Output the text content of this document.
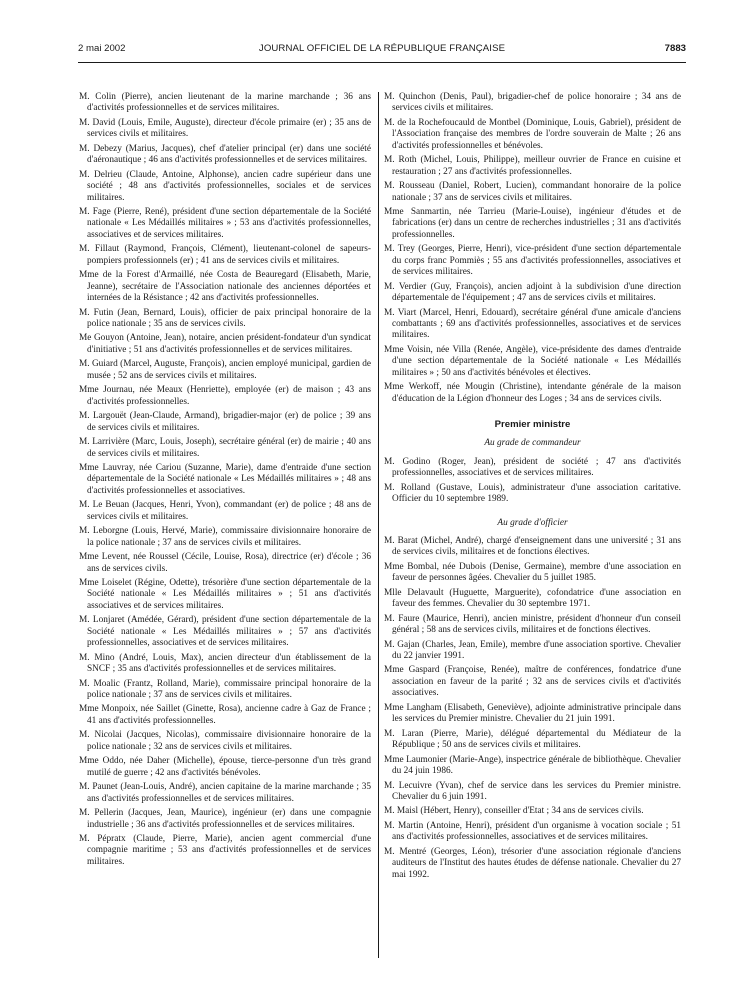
2 mai 2002	JOURNAL OFFICIEL DE LA RÉPUBLIQUE FRANÇAISE	7883

M. Colin (Pierre), ancien lieutenant de la marine marchande ; 36 ans d'activités professionnelles et de services militaires.

M. David (Louis, Emile, Auguste), directeur d'école primaire (er) ; 35 ans de services civils et militaires.

M. Debezy (Marius, Jacques), chef d'atelier principal (er) dans une société d'aéronautique ; 46 ans d'activités professionnelles et de services militaires.

M. Delrieu (Claude, Antoine, Alphonse), ancien cadre supérieur dans une société ; 48 ans d'activités professionnelles, sociales et de services militaires.

M. Fage (Pierre, René), président d'une section départementale de la Société nationale « Les Médaillés militaires » ; 53 ans d'activités professionnelles, associatives et de services militaires.

M. Fillaut (Raymond, François, Clément), lieutenant-colonel de sapeurs-pompiers professionnels (er) ; 41 ans de services civils et militaires.

Mme de la Forest d'Armaillé, née Costa de Beauregard (Elisabeth, Marie, Jeanne), secrétaire de l'Association nationale des anciennes déportées et internées de la Résistance ; 42 ans d'activités professionnelles.

M. Futin (Jean, Bernard, Louis), officier de paix principal honoraire de la police nationale ; 35 ans de services civils.

Me Gouyon (Antoine, Jean), notaire, ancien président-fondateur d'un syndicat d'initiative ; 51 ans d'activités professionnelles et de services militaires.

M. Guiard (Marcel, Auguste, François), ancien employé municipal, gardien de musée ; 52 ans de services civils et militaires.

Mme Journau, née Meaux (Henriette), employée (er) de maison ; 43 ans d'activités professionnelles.

M. Largouët (Jean-Claude, Armand), brigadier-major (er) de police ; 39 ans de services civils et militaires.

M. Larrivière (Marc, Louis, Joseph), secrétaire général (er) de mairie ; 40 ans de services civils et militaires.

Mme Lauvray, née Cariou (Suzanne, Marie), dame d'entraide d'une section départementale de la Société nationale « Les Médaillés militaires » ; 48 ans d'activités professionnelles et associatives.

M. Le Beuan (Jacques, Henri, Yvon), commandant (er) de police ; 48 ans de services civils et militaires.

M. Leborgne (Louis, Hervé, Marie), commissaire divisionnaire honoraire de la police nationale ; 37 ans de services civils et militaires.

Mme Levent, née Roussel (Cécile, Louise, Rosa), directrice (er) d'école ; 36 ans de services civils.

Mme Loiselet (Régine, Odette), trésorière d'une section départementale de la Société nationale « Les Médaillés militaires » ; 51 ans d'activités associatives et de services militaires.

M. Lonjaret (Amédée, Gérard), président d'une section départementale de la Société nationale « Les Médaillés militaires » ; 57 ans d'activités professionnelles, associatives et de services militaires.

M. Mino (André, Louis, Max), ancien directeur d'un établissement de la SNCF ; 35 ans d'activités professionnelles et de services militaires.

M. Moalic (Frantz, Rolland, Marie), commissaire principal honoraire de la police nationale ; 37 ans de services civils et militaires.

Mme Monpoix, née Saillet (Ginette, Rosa), ancienne cadre à Gaz de France ; 41 ans d'activités professionnelles.

M. Nicolai (Jacques, Nicolas), commissaire divisionnaire honoraire de la police nationale ; 32 ans de services civils et militaires.

Mme Oddo, née Daher (Michelle), épouse, tierce-personne d'un très grand mutilé de guerre ; 42 ans d'activités bénévoles.

M. Paunet (Jean-Louis, André), ancien capitaine de la marine marchande ; 35 ans d'activités professionnelles et de services militaires.

M. Pellerin (Jacques, Jean, Maurice), ingénieur (er) dans une compagnie industrielle ; 36 ans d'activités professionnelles et de services militaires.

M. Pépratx (Claude, Pierre, Marie), ancien agent commercial d'une compagnie maritime ; 53 ans d'activités professionnelles et de services militaires.

M. Quinchon (Denis, Paul), brigadier-chef de police honoraire ; 34 ans de services civils et militaires.

M. de la Rochefoucauld de Montbel (Dominique, Louis, Gabriel), président de l'Association française des membres de l'ordre souverain de Malte ; 26 ans d'activités professionnelles et bénévoles.

M. Roth (Michel, Louis, Philippe), meilleur ouvrier de France en cuisine et restauration ; 27 ans d'activités professionnelles.

M. Rousseau (Daniel, Robert, Lucien), commandant honoraire de la police nationale ; 37 ans de services civils et militaires.

Mme Sanmartin, née Tarrieu (Marie-Louise), ingénieur d'études et de fabrications (er) dans un centre de recherches industrielles ; 31 ans d'activités professionnelles.

M. Trey (Georges, Pierre, Henri), vice-président d'une section départementale du corps franc Pommiès ; 55 ans d'activités professionnelles, associatives et de services militaires.

M. Verdier (Guy, François), ancien adjoint à la subdivision d'une direction départementale de l'équipement ; 47 ans de services civils et militaires.

M. Viart (Marcel, Henri, Edouard), secrétaire général d'une amicale d'anciens combattants ; 69 ans d'activités professionnelles, associatives et de services militaires.

Mme Voisin, née Villa (Renée, Angèle), vice-présidente des dames d'entraide d'une section départementale de la Société nationale « Les Médaillés militaires » ; 50 ans d'activités bénévoles et électives.

Mme Werkoff, née Mougin (Christine), intendante générale de la maison d'éducation de la Légion d'honneur des Loges ; 34 ans de services civils.

Premier ministre
Au grade de commandeur

M. Godino (Roger, Jean), président de société ; 47 ans d'activités professionnelles, associatives et de services militaires.

M. Rolland (Gustave, Louis), administrateur d'une association caritative. Officier du 10 septembre 1989.

Au grade d'officier

M. Barat (Michel, André), chargé d'enseignement dans une université ; 31 ans de services civils, militaires et de fonctions électives.

Mme Bombal, née Dubois (Denise, Germaine), membre d'une association en faveur de personnes âgées. Chevalier du 5 juillet 1985.

Mlle Delavault (Huguette, Marguerite), cofondatrice d'une association en faveur des femmes. Chevalier du 30 septembre 1971.

M. Faure (Maurice, Henri), ancien ministre, président d'honneur d'un conseil général ; 58 ans de services civils, militaires et de fonctions électives.

M. Gajan (Charles, Jean, Emile), membre d'une association sportive. Chevalier du 22 janvier 1991.

Mme Gaspard (Françoise, Renée), maître de conférences, fondatrice d'une association en faveur de la parité ; 32 ans de services civils et d'activités associatives.

Mme Langham (Elisabeth, Geneviève), adjointe administrative principale dans les services du Premier ministre. Chevalier du 21 juin 1991.

M. Laran (Pierre, Marie), délégué départemental du Médiateur de la République ; 50 ans de services civils et militaires.

Mme Laumonier (Marie-Ange), inspectrice générale de bibliothèque. Chevalier du 24 juin 1986.

M. Lecuivre (Yvan), chef de service dans les services du Premier ministre. Chevalier du 6 juin 1991.

M. Maisl (Hébert, Henry), conseiller d'Etat ; 34 ans de services civils.

M. Martin (Antoine, Henri), président d'un organisme à vocation sociale ; 51 ans d'activités professionnelles, associatives et de services militaires.

M. Mentré (Georges, Léon), trésorier d'une association régionale d'anciens auditeurs de l'Institut des hautes études de défense nationale. Chevalier du 27 mai 1992.
